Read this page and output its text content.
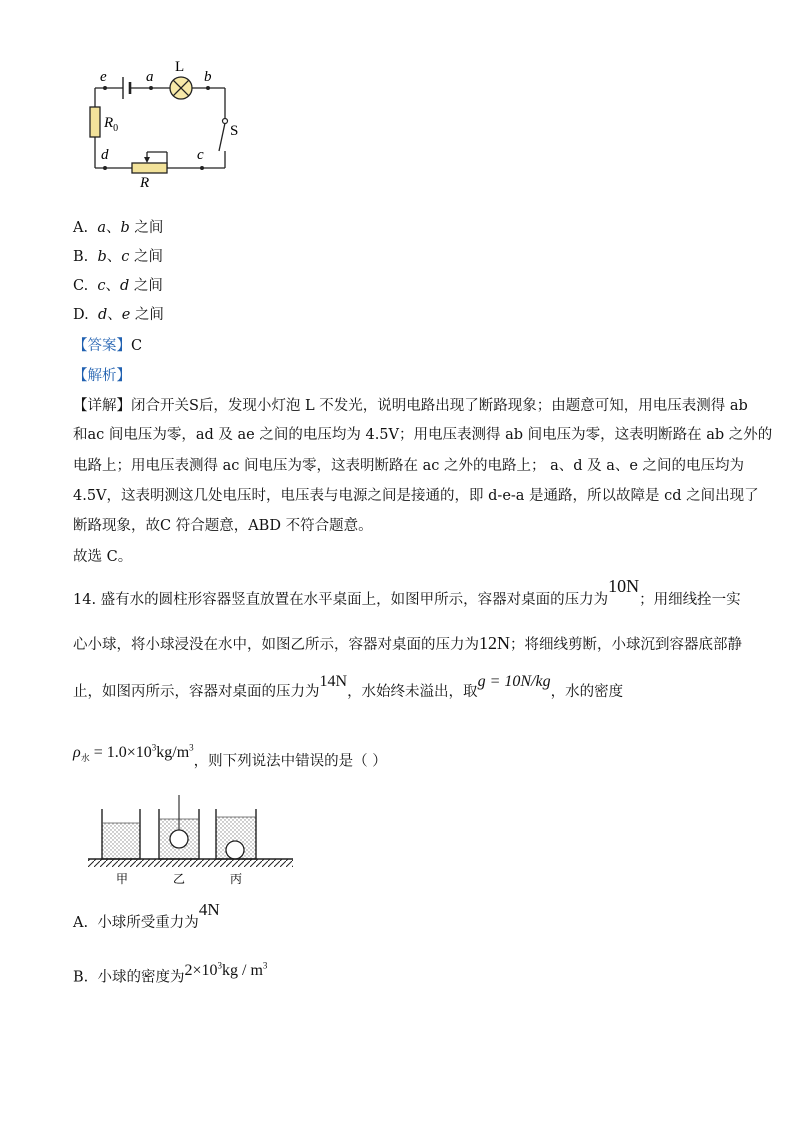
e	a
L
b
S
d	c
R
$R_0$
A. a、b 之间
B. b、c 之间
C. c、d 之间
D. d、e 之间
【答案】C
【解析】
【详解】闭合开关S后，发现小灯泡 L 不发光，说明电路出现了断路现象；由题意可知，用电压表测得 ab
和ac 间电压为零，ad 及 ae 之间的电压均为 4.5V；用电压表测得 ab 间电压为零，这表明断路在 ab 之外的
电路上；用电压表测得 ac 间电压为零，这表明断路在 ac 之外的电路上； a、d 及 a、e 之间的电压均为
4.5V，这表明测这几处电压时，电压表与电源之间是接通的，即 d-e-a 是通路，所以故障是 cd 之间出现了
断路现象，故C 符合题意，ABD 不符合题意。
故选 C。
14. 盛有水的圆柱形容器竖直放置在水平桌面上，如图甲所示，容器对桌面的压力为10N；用细线拴一实
心小球，将小球浸没在水中，如图乙所示，容器对桌面的压力为12N；将细线剪断，小球沉到容器底部静
止，如图丙所示，容器对桌面的压力为14N，水始终未溢出，取g = 10N/kg，水的密度
$\rho_水 = 1.0\times 10^3kg/m^3$，则下列说法中错误的是（ ）
甲	乙	丙
A. 小球所受重力为4N
B. 小球的密度为$2\times 10^3kg / m^3$
